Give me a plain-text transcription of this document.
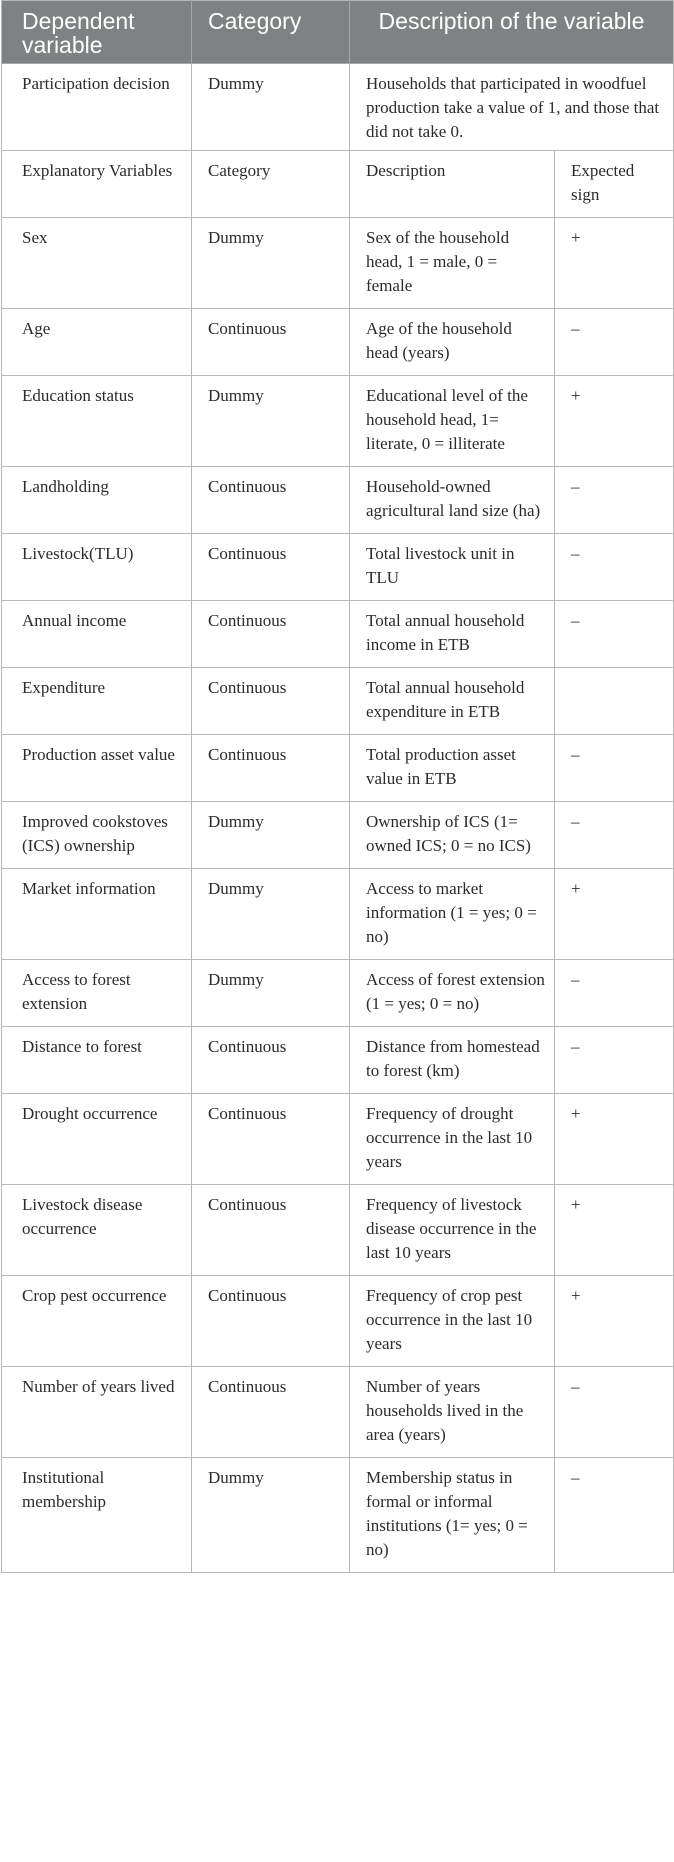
Dependent variable	Category	Description of the variable	
Participation decision	Dummy	Households that participated in woodfuel production take a value of 1, and those that did not take 0.	
Explanatory Variables	Category	Description	Expected sign
Sex	Dummy	Sex of the household head, 1 = male, 0 = female	+
Age	Continuous	Age of the household head (years)	–
Education status	Dummy	Educational level of the household head, 1= literate, 0 = illiterate	+
Landholding	Continuous	Household-owned agricultural land size (ha)	–
Livestock(TLU)	Continuous	Total livestock unit in TLU	–
Annual income	Continuous	Total annual household income in ETB	–
Expenditure	Continuous	Total annual household expenditure in ETB	
Production asset value	Continuous	Total production asset value in ETB	–
Improved cookstoves (ICS) ownership	Dummy	Ownership of ICS (1= owned ICS; 0 = no ICS)	–
Market information	Dummy	Access to market information (1 = yes; 0 = no)	+
Access to forest extension	Dummy	Access of forest extension (1 = yes; 0 = no)	–
Distance to forest	Continuous	Distance from homestead to forest (km)	–
Drought occurrence	Continuous	Frequency of drought occurrence in the last 10 years	+
Livestock disease occurrence	Continuous	Frequency of livestock disease occurrence in the last 10 years	+
Crop pest occurrence	Continuous	Frequency of crop pest occurrence in the last 10 years	+
Number of years lived	Continuous	Number of years households lived in the area (years)	–
Institutional membership	Dummy	Membership status in formal or informal institutions (1= yes; 0 = no)	–
